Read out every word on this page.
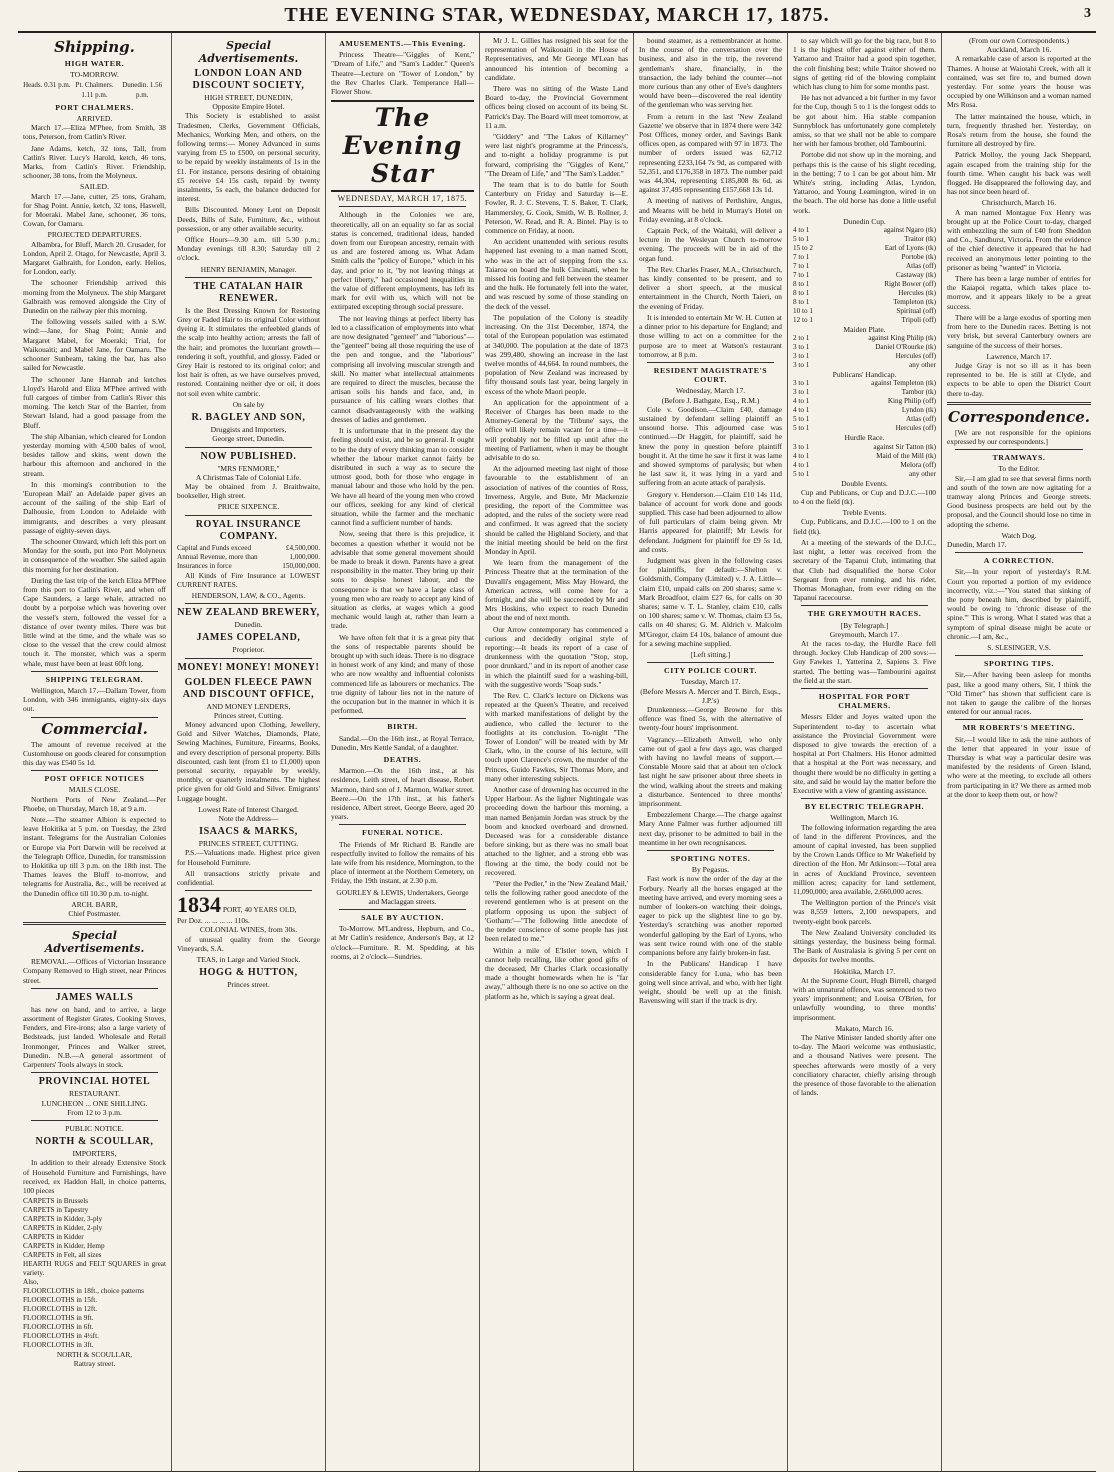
THE EVENING STAR, WEDNESDAY, MARCH 17, 1875.	3
Shipping.
HIGH WATER.
TO-MORROW.
Heads. 0.31 p.m. Pt. Chalmers. 1.11 p.m.
Dunedin. 1.56 p.m.
PORT CHALMERS.
ARRIVED.

March 17.—Eliza M'Phee, from Smith, 38 tons, Peterson, from Catlin's River.

Jane Adams, ketch, 32 tons, Tall, from Catlin's River. Lucy's Harold, ketch, 46 tons, Marks, from Catlin's River. Friendship, schooner, 38 tons, from the Molyneux.

SAILED.

March 17.—Jane, cutter, 25 tons, Graham, for Shag Point. Annie, ketch, 32 tons, Haswell, for Moeraki. Mabel Jane, schooner, 36 tons, Cowan, for Oamaru.

PROJECTED DEPARTURES.

Albambra, for Bluff, March 20. Crusader, for London, April 2. Otago, for Newcastle, April 3. Margaret Galbraith, for London, early. Helios, for London, early.

The schooner Friendship arrived this morning from the Molyneux. The ship Margaret Galbraith was removed alongside the City of Dunedin on the railway pier this morning.

The following vessels sailed with a S.W. wind:—Jane, for Shag Point; Annie and Margaret Mabel, for Moeraki; Trial, for Waikouaiti; and Mabel Jane, for Oamaru. The schooner Sunbeam, taking the bar, has also sailed for Newcastle.

The schooner Jane Hannah and ketches Lloyd's Harold and Eliza M'Phee arrived with full cargoes of timber from Catlin's River this morning. The ketch Star of the Barrier, from Stewart Island, had a good passage from the Bluff.

The ship Albanian, which cleared for London yesterday morning with 4,500 bales of wool, besides tallow and skins, went down the harbour this afternoon and anchored in the stream.

In this morning's contribution to the 'European Mail' an Adelaide paper gives an account of the sailing of the ship Earl of Dalhousie, from London to Adelaide with immigrants, and describes a very pleasant passage of eighty-seven days.

The schooner Onward, which left this port on Monday for the south, put into Port Molyneux in consequence of the weather. She sailed again this morning for her destination.

During the last trip of the ketch Eliza M'Phee from this port to Catlin's River, and when off Cape Saunders, a large whale, attracted no doubt by a porpoise which was hovering over the vessel's stern, followed the vessel for a distance of over twenty miles. There was but little wind at the time, and the whale was so close to the vessel that the crew could almost touch it. The monster, which was a sperm whale, must have been at least 60ft long.

SHIPPING TELEGRAM.

Wellington, March 17.—Dallam Tower, from London, with 346 immigrants, eighty-six days out.

Commercial.

The amount of revenue received at the Customhouse on goods cleared for consumption this day was £540 5s 1d.

POST OFFICE NOTICES
MAILS CLOSE.

Northern Ports of New Zealand.—Per Phoebe, on Thursday, March 18, at 9 a.m.

Note.—The steamer Albion is expected to leave Hokitika at 5 p.m. on Tuesday, the 23rd instant. Telegrams for the Australian Colonies or Europe via Port Darwin will be received at the Telegraph Office, Dunedin, for transmission to Hokitika up till 3 p.m. on the 18th inst. The Thames leaves the Bluff to-morrow, and telegrams for Australia, &c., will be received at the Dunedin office till 10.30 p.m. to-night.

ARCH. BARR,
Chief Postmaster.
Special Advertisements.

REMOVAL.—Offices of Victorian Insurance Company Removed to High street, near Princes street.

JAMES WALLS

has new on hand, and to arrive, a large assortment of Register Grates, Cooking Stoves, Fenders, and Fire-irons; also a large variety of Bedsteads, just landed. Wholesale and Retail Ironmonger, Princes and Walker street, Dunedin. N.B.—A general assortment of Carpenters' Tools always in stock.

PROVINCIAL HOTEL
RESTAURANT.
LUNCHEON ... ONE SHILLING.
From 12 to 3 p.m.
PUBLIC NOTICE.
NORTH & SCOULLAR,
IMPORTERS,

In addition to their already Extensive Stock of Household Furniture and Furnishings, have received, ex Haddon Hall, in choice patterns, 100 pieces

CARPETS in Brussels
CARPETS in Tapestry
CARPETS in Kidder, 3-ply
CARPETS in Kidder, 2-ply
CARPETS in Kidder
CARPETS in Kidder, Hemp
CARPETS in Felt, all sizes
HEARTH RUGS and FELT SQUARES in great variety.
Also,
FLOORCLOTHS in 18ft., choice patterns
FLOORCLOTHS in 15ft.
FLOORCLOTHS in 12ft.
FLOORCLOTHS in 9ft.
FLOORCLOTHS in 6ft.
FLOORCLOTHS in 4½ft.
FLOORCLOTHS in 3ft.
NORTH & SCOULLAR,
Rattray street.
Special Advertisements.
LONDON LOAN AND DISCOUNT SOCIETY,
HIGH STREET, DUNEDIN,
Opposite Empire Hotel.

This Society is established to assist Tradesmen, Clerks, Government Officials, Mechanics, Working Men, and others, on the following terms:— Money Advanced in sums varying from £5 to £500, on personal security, to be repaid by weekly instalments of 1s in the £1. For instance, persons desiring of obtaining £5 receive £4 15s cash, repaid by twenty instalments, 5s each, the balance deducted for interest.

Bills Discounted. Money Lent on Deposit Deeds, Bills of Sale, Furniture, &c., without possession, or any other available security.

Office Hours—9.30 a.m. till 5.30 p.m.; Monday evenings till 8.30; Saturday till 2 o'clock.

HENRY BENJAMIN, Manager.
THE CATALAN HAIR RENEWER.

Is the Best Dressing Known for Restoring Grey or Faded Hair to its original Color without dyeing it. It stimulates the enfeebled glands of the scalp into healthy action; arrests the fall of the hair; and promotes the luxuriant growth—rendering it soft, youthful, and glossy. Faded or Grey Hair is restored to its original color; and lost hair is often, as we have ourselves proved, restored. Containing neither dye or oil, it does not soil even white cambric.

On sale by
R. BAGLEY AND SON,
Druggists and Importers,
George street, Dunedin.
NOW PUBLISHED.
"MRS FENMORE,"
A Christmas Tale of Colonial Life.

May be obtained from J. Braithwaite, bookseller, High street.

PRICE SIXPENCE.
ROYAL INSURANCE COMPANY.
Capital and Funds exceed	£4,500,000.
Annual Revenue, more than	1,000,000.
Insurances in force	150,000,000.

All Kinds of Fire Insurance at LOWEST CURRENT RATES.

HENDERSON, LAW, & CO., Agents.
NEW ZEALAND BREWERY,
Dunedin.
JAMES COPELAND,
Proprietor.
MONEY! MONEY! MONEY!
GOLDEN FLEECE PAWN AND DISCOUNT OFFICE,
AND MONEY LENDERS,
Princes street, Cutting.

Money advanced upon Clothing, Jewellery, Gold and Silver Watches, Diamonds, Plate, Sewing Machines, Furniture, Firearms, Books, and every description of personal property. Bills discounted, cash lent (from £1 to £1,000) upon personal security, repayable by weekly, monthly, or quarterly instalments. The highest price given for old Gold and Silver. Emigrants' Luggage bought.

Lowest Rate of Interest Charged.
Note the Address—
ISAACS & MARKS,
PRINCES STREET, CUTTING.

P.S.—Valuations made. Highest price given for Household Furniture.

All transactions strictly private and confidential.

1834 PORT, 40 YEARS OLD,
Per Doz. ... ... ... ... 110s.
COLONIAL WINES, from 30s.

of unusual quality from the George Vineyards, S.A.

TEAS, in Large and Varied Stock.
HOGG & HUTTON,
Princes street.
AMUSEMENTS.—This Evening.

Princess Theatre—"Giggles of Kent," "Dream of Life," and "Sam's Ladder." Queen's Theatre—Lecture on "Tower of London," by the Rev Charles Clark. Temperance Hall—Flower Show.

The Evening Star
WEDNESDAY, MARCH 17, 1875.

Although in the Colonies we are, theoretically, all on an equality so far as social status is concerned, traditional ideas, handed down from our European ancestry, remain with us and are fostered among us. What Adam Smith calls the "policy of Europe," which in his day, and prior to it, "by not leaving things at perfect liberty," had occasioned inequalities in the value of different employments, has left its mark for evil with us, which will not be extirpated excepting through social pressure.

The not leaving things at perfect liberty has led to a classification of employments into what are now designated "genteel" and "laborious"—the "genteel" being all those requiring the use of the pen and tongue, and the "laborious" comprising all involving muscular strength and skill. No matter what intellectual attainments are required to direct the muscles, because the artisan soils his hands and face, and, in pursuance of his calling wears clothes that cannot disadvantageously with the walking dresses of ladies and gentlemen.

It is unfortunate that in the present day the feeling should exist, and be so general. It ought to be the duty of every thinking man to consider whether the labour market cannot fairly be distributed in such a way as to secure the utmost good, both for those who engage in manual labour and those who hold by the pen. We have all heard of the young men who crowd our offices, seeking for any kind of clerical situation, while the farmer and the mechanic cannot find a sufficient number of hands.

Now, seeing that there is this prejudice, it becomes a question whether it would not be advisable that some general movement should be made to break it down. Parents have a great responsibility in the matter. They bring up their sons to despise honest labour, and the consequence is that we have a large class of young men who are ready to accept any kind of situation as clerks, at wages which a good mechanic would laugh at, rather than learn a trade.

We have often felt that it is a great pity that the sons of respectable parents should be brought up with such ideas. There is no disgrace in honest work of any kind; and many of those who are now wealthy and influential colonists commenced life as labourers or mechanics. The true dignity of labour lies not in the nature of the occupation but in the manner in which it is performed.

BIRTH.

Sandal.—On the 16th inst., at Royal Terrace, Dunedin, Mrs Kettle Sandal, of a daughter.

DEATHS.

Marmon.—On the 16th inst., at his residence, Leith street, of heart disease, Robert Marmon, third son of J. Marmon, Walker street. Beere.—On the 17th inst., at his father's residence, Albert street, George Beere, aged 20 years.

FUNERAL NOTICE.

The Friends of Mr Richard B. Randle are respectfully invited to follow the remains of his late wife from his residence, Mornington, to the place of interment at the Northern Cemetery, on Friday, the 19th instant, at 2.30 p.m.

GOURLEY & LEWIS, Undertakers, George and Maclaggan streets.
SALE BY AUCTION.

To-Morrow. M'Landress, Hepburn, and Co., at Mr Catlin's residence, Anderson's Bay, at 12 o'clock—Furniture. R. M. Spedding, at his rooms, at 2 o'clock—Sundries.

Mr J. L. Gillies has resigned his seat for the representation of Waikouaiti in the House of Representatives, and Mr George M'Lean has announced his intention of becoming a candidate.

There was no sitting of the Waste Land Board to-day, the Provincial Government offices being closed on account of its being St. Patrick's Day. The Board will meet tomorrow, at 11 a.m.

"Giddery" and "The Lakes of Killarney" were last night's programme at the Princess's, and to-night a holiday programme is put forward, comprising the "Giggles of Kent," "The Dream of Life," and "The Sam's Ladder."

The team that is to do battle for South Canterbury on Friday and Saturday is—E. Fowler, R. J. C. Stevens, T. S. Baker, T. Clark, Hammersley, G. Cook, Smith, W. B. Rollner, J. Peterson, W. Read, and R. A. Bintel. Play is to commence on Friday, at noon.

An accident unattended with serious results happened last evening to a man named Scott, who was in the act of stepping from the s.s. Taiaroa on board the hulk Cincinatti, when he missed his footing and fell between the steamer and the hulk. He fortunately fell into the water, and was rescued by some of those standing on the deck of the vessel.

The population of the Colony is steadily increasing. On the 31st December, 1874, the total of the European population was estimated at 340,000. The population at the date of 1873 was 299,480, showing an increase in the last twelve months of 44,664. In round numbers, the population of New Zealand was increased by fifty thousand souls last year, being largely in excess of the whole Maori people.

An application for the appointment of a Receiver of Charges has been made to the Attorney-General by the 'Tribune' says, the office will likely remain vacant for a time—it will probably not be filled up until after the meeting of Parliament, when it may be thought advisable to do so.

At the adjourned meeting last night of those favourable to the establishment of an association of natives of the counties of Ross, Inverness, Argyle, and Bute, Mr Mackenzie presiding, the report of the Committee was adopted, and the rules of the society were read and confirmed. It was agreed that the society should be called the Highland Society, and that the initial meeting should be held on the first Monday in April.

We learn from the management of the Princess Theatre that at the termination of the Duvalli's engagement, Miss May Howard, the American actress, will come here for a fortnight, and she will be succeeded by Mr and Mrs Hoskins, who expect to reach Dunedin about the end of next month.

Our Arrow contemporary has commenced a curious and decidedly original style of reporting:—It heads its report of a case of drunkenness with the quotation "Stop, stop, poor drunkard," and in its report of another case in which the plaintiff sued for a washing-bill, with the suggestive words "Soap suds."

The Rev. C. Clark's lecture on Dickens was repeated at the Queen's Theatre, and received with marked manifestations of delight by the audience, who called the lecturer to the footlights at its conclusion. To-night "The Tower of London" will be treated with by Mr Clark, who, in the course of his lecture, will touch upon Clarence's crown, the murder of the Princes, Guido Fawkes, Sir Thomas More, and many other interesting subjects.

Another case of drowning has occurred in the Upper Harbour. As the lighter Nightingale was proceeding down the harbour this morning, a man named Benjamin Jordan was struck by the boom and knocked overboard and drowned. Deceased was for a considerable distance before sinking, but as there was no small boat attached to the lighter, and a strong ebb was flowing at the time, the body could not be recovered.

"Peter the Pedler," in the 'New Zealand Mail,' tells the following rather good anecdote of the reverend gentlemen who is at present on the platform opposing us upon the subject of 'Gotham:'—"The following little anecdote of the tender conscience of some people has just been related to me."

Within a mile of E'Istler town, which I cannot help recalling, like other good gifts of the deceased, Mr Charles Clark occasionally made a thought homewards when he is "far away," although there is no one so active on the platform as he, which is saying a great deal.

bound steamer, as a remembrancer at home. In the course of the conversation over the business, and also in the trip, the reverend gentleman's share, financially, in the transaction, the lady behind the counter—not more curious than any other of Eve's daughters would have been—discovered the real identity of the gentleman who was serving her.

From a return in the last 'New Zealand Gazette' we observe that in 1874 there were 342 Post Offices, money order, and Savings Bank offices open, as compared with 97 in 1873. The number of orders issued was 62,712 representing £233,164 7s 9d, as compared with 52,351, and £176,358 in 1873. The number paid was 44,304, representing £185,808 8s 6d, as against 37,495 representing £157,668 13s 1d.

A meeting of natives of Perthshire, Angus, and Mearns will be held in Murray's Hotel on Friday evening, at 8 o'clock.

Captain Peck, of the Waitaki, will deliver a lecture in the Wesleyan Church to-morrow evening. The proceeds will be in aid of the organ fund.

The Rev. Charles Fraser, M.A., Christchurch, has kindly consented to be present, and to deliver a short speech, at the musical entertainment in the Church, North Taieri, on the evening of Friday.

It is intended to entertain Mr W. H. Cutten at a dinner prior to his departure for England; and those willing to act on a committee for the purpose are to meet at Watson's restaurant tomorrow, at 8 p.m.

RESIDENT MAGISTRATE'S COURT.
Wednesday, March 17.
(Before J. Bathgate, Esq., R.M.)

Cole v. Goodison.—Claim £40, damage sustained by defendant selling plaintiff an unsound horse. This adjourned case was continued.—Dr Haggitt, for plaintiff, said he knew the pony in question before plaintiff bought it. At the time he saw it first it was lame and showed symptoms of paralysis; but when he last saw it, it was lying in a yard and suffering from an acute attack of paralysis.

Gregory v. Henderson.—Claim £10 14s 11d, balance of account for work done and goods supplied. This case had been adjourned to allow of full particulars of claim being given. Mr Harris appeared for plaintiff; Mr Lewis for defendant. Judgment for plaintiff for £9 5s 1d, and costs.

Judgment was given in the following cases for plaintiffs, for default:—Shelton v. Goldsmith, Company (Limited) v. J. A. Little—claim £10, unpaid calls on 200 shares; same v. Mark Broadfoot, claim £27 6s, for calls on 30 shares; same v. T. L. Stanley, claim £10, calls on 100 shares; same v. W. Thomas, claim £3 5s, calls on 40 shares; G. M. Aldrich v. Malcolm M'Gregor, claim £4 10s, balance of amount due for a sewing machine supplied.

[Left sitting.]
CITY POLICE COURT.
Tuesday, March 17.
(Before Messrs A. Mercer and T. Birch, Esqs., J.P.'s)

Drunkenness.—George Browne for this offence was fined 5s, with the alternative of twenty-four hours' imprisonment.

Vagrancy.—Elizabeth Attwell, who only came out of gaol a few days ago, was charged with having no lawful means of support.—Constable Moore said that at about ten o'clock last night he saw prisoner about three sheets in the wind, walking about the streets and making a disturbance. Sentenced to three months' imprisonment.

Embezzlement Charge.—The charge against Mary Anne Palmer was further adjourned till next day, prisoner to be admitted to bail in the meantime in her own recognisances.

SPORTING NOTES.
By Pegasus.

Fast work is now the order of the day at the Forbury. Nearly all the horses engaged at the meeting have arrived, and every morning sees a number of lookers-on watching their doings, eager to pick up the slightest line to go by. Yesterday's scratching was another reported wonderful galloping by the Earl of Lyons, who was sent twice round with one of the stable companions before any fairly broken-in fast.

In the Publicans' Handicap I have considerable fancy for Luna, who has been going well since arrival, and who, with her light weight, should be well up at the finish. Ravenswing will start if the track is dry.

to say which will go for the big race, but 8 to 1 is the highest offer against either of them. Yattaroo and Traitor had a good spin together, the colt finishing best; while Traitor showed no signs of getting rid of the blowing complaint which has clung to him for some months past.

He has not advanced a bit further in my favor for the Cup, though 5 to 1 is the longest odds to be got about him. Hia stable companion Sunnyblock has unfortunately gone completely amiss, so that we shall not be able to compare her with her famous brother, old Tambourini.

Portobe did not show up in the morning, and perhaps this is the cause of his slight receding, in the betting; 7 to 1 can be got about him. Mr White's string, including Atlas, Lyndon, Yattaroo, and Young Leamington, wired in on the beach. The old horse has done a little useful work.

Dunedin Cup.
4 to 1	against Ngaro (tk)
5 to 1	Traitor (tk)
15 to 2	Earl of Lyons (tk)
7 to 1	Portobe (tk)
7 to 1	Atlas (off)
7 to 1	Castaway (tk)
8 to 1	Right Bower (off)
8 to 1	Hercules (tk)
8 to 1	Templeton (tk)
10 to 1	Spiritual (off)
12 to 1	Tripoli (off)
Maiden Plate.
2 to 1	against King Philip (tk)
3 to 1	Daniel O'Rourke (tk)
3 to 1	Hercules (off)
3 to 1	any other
Publicans' Handicap.
3 to 1	against Templeton (tk)
3 to 1	Tambor (tk)
4 to 1	King Philip (off)
4 to 1	Lyndon (tk)
5 to 1	Atlas (off)
5 to 1	Hercules (off)
Hurdle Race.
3 to 1	against Sir Tatton (tk)
4 to 1	Maid of the Mill (tk)
4 to 1	Melora (off)
5 to 1	any other
Double Events.

Cup and Publicans, or Cup and D.J.C.—100 to 4 on the field (tk).

Treble Events.

Cup, Publicans, and D.J.C.—100 to 1 on the field (tk).

At a meeting of the stewards of the D.J.C., last night, a letter was received from the secretary of the Tapanui Club, intimating that that Club had disqualified the horse Color Sergeant from ever running, and his rider, Thomas Monaghan, from ever riding on the Tapanui racecourse.

THE GREYMOUTH RACES.
[By Telegraph.]
Greymouth, March 17.

At the races to-day, the Hurdle Race fell through. Jockey Club Handicap of 200 sovs:— Guy Fawkes 1, Yatterina 2, Sapiens 3. Five started. The betting was—Tambourini against the field at the start.

HOSPITAL FOR PORT CHALMERS.

Messrs Elder and Joyes waited upon the Superintendent to-day to ascertain what assistance the Provincial Government were disposed to give towards the erection of a hospital at Port Chalmers. His Honor admitted that a hospital at the Port was necessary, and thought there would be no difficulty in getting a site, and said he would lay the matter before the Executive with a view of granting assistance.

BY ELECTRIC TELEGRAPH.
Wellington, March 16.

The following information regarding the area of land in the different Provinces, and the amount of capital invested, has been supplied by the Crown Lands Office to Mr Wakefield by direction of the Hon. Mr Atkinson:—Total area in acres of Auckland Province, seventeen million acres; capacity for land settlement, 11,090,000; area available, 2,660,000 acres.

The Wellington portion of the Prince's visit was 8,559 letters, 2,100 newspapers, and twenty-eight book parcels.

The New Zealand University concluded its sittings yesterday, the business being formal. The Bank of Australasia is giving 5 per cent on deposits for twelve months.

Hokitika, March 17.

At the Supreme Court, Hugh Birrell, charged with an unnatural offence, was sentenced to two years' imprisonment; and Louisa O'Brien, for unlawfully wounding, to three months' imprisonment.

Makato, March 16.

The Native Minister landed shortly after one to-day. The Maori welcome was enthusiastic, and a thousand Natives were present. The speeches afterwards were mostly of a very conciliatory character, chiefly arising through the presence of those favorable to the alienation of lands.

(From our own Correspondents.)
Auckland, March 16.

A remarkable case of arson is reported at the Thames. A house at Waiotahi Creek, with all it contained, was set fire to, and burned down yesterday. For some years the house was occupied by one Wilkinson and a woman named Mrs Rosa.

The latter maintained the house, which, in turn, frequently thrashed her. Yesterday, on Rosa's return from the house, she found the furniture all destroyed by fire.

Patrick Molloy, the young Jack Sheppard, again escaped from the training ship for the fourth time. When caught his back was well flogged. He disappeared the following day, and has not since been heard of.

Christchurch, March 16.

A man named Montague Fox Henry was brought up at the Police Court to-day, charged with embezzling the sum of £40 from Sheddon and Co., Sandhurst, Victoria. From the evidence of the chief detective it appeared that he had received an anonymous letter pointing to the prisoner as being "wanted" in Victoria.

There has been a large number of entries for the Kaiapoi regatta, which takes place to-morrow, and it appears likely to be a great success.

There will be a large exodus of sporting men from here to the Dunedin races. Betting is not very brisk, but several Canterbury owners are sanguine of the success of their horses.

Lawrence, March 17.

Judge Gray is not so ill as it has been represented to be. He is still at Clyde, and expects to be able to open the District Court there to-day.

Correspondence.

[We are not responsible for the opinions expressed by our correspondents.]

TRAMWAYS.
To the Editor.

Sir,—I am glad to see that several firms north and south of the town are now agitating for a tramway along Princes and George streets. Good business prospects are held out by the proposal, and the Council should lose no time in adopting the scheme.

Watch Dog.
Dunedin, March 17.
A CORRECTION.

Sir,—In your report of yesterday's R.M. Court you reported a portion of my evidence incorrectly, viz.:—"You stated that sinking of the pony beneath him, described by plaintiff, would be owing to 'chronic disease of the spine.'" This is wrong. What I stated was that a symptom of spinal disease might be acute or chronic.—I am, &c.,

S. SLESINGER, V.S.
SPORTING TIPS.

Sir,—After having been asleep for months past, like a good many others, Sir, I think the "Old Timer" has shown that sufficient care is not taken to gauge the calibre of the horses entered for our annual races.

MR ROBERTS'S MEETING.

Sir,—I would like to ask the nine authors of the letter that appeared in your issue of Thursday is what way a particular desire was manifested by the residents of Green Island, who were at the meeting, to exclude all others from participating in it? We there as armed mob at the door to keep them out, or how?
